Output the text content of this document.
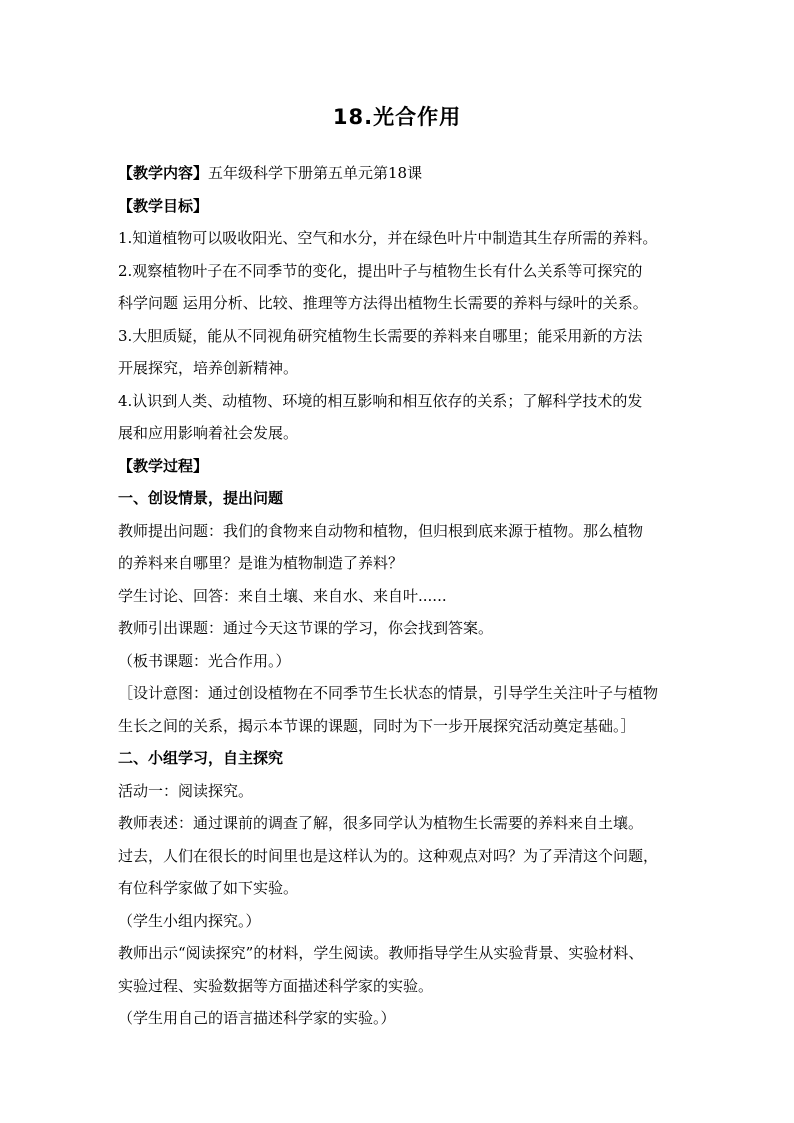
18.光合作用
【教学内容】五年级科学下册第五单元第18课
【教学目标】
1.知道植物可以吸收阳光、空气和水分，并在绿色叶片中制造其生存所需的养料。
2.观察植物叶子在不同季节的变化，提出叶子与植物生长有什么关系等可探究的
科学问题 运用分析、比较、推理等方法得出植物生长需要的养料与绿叶的关系。
3.大胆质疑，能从不同视角研究植物生长需要的养料来自哪里；能采用新的方法
开展探究，培养创新精神。
4.认识到人类、动植物、环境的相互影响和相互依存的关系；了解科学技术的发
展和应用影响着社会发展。
【教学过程】
一、创设情景，提出问题
教师提出问题：我们的食物来自动物和植物，但归根到底来源于植物。那么植物
的养料来自哪里？是谁为植物制造了养料？
学生讨论、回答：来自土壤、来自水、来自叶......
教师引出课题：通过今天这节课的学习，你会找到答案。
（板书课题：光合作用。）
［设计意图：通过创设植物在不同季节生长状态的情景，引导学生关注叶子与植物
生长之间的关系，揭示本节课的课题，同时为下一步开展探究活动奠定基础。］
二、小组学习，自主探究
活动一：阅读探究。
教师表述：通过课前的调查了解，很多同学认为植物生长需要的养料来自土壤。
过去，人们在很长的时间里也是这样认为的。这种观点对吗？为了弄清这个问题，
有位科学家做了如下实验。
（学生小组内探究。）
教师出示“阅读探究”的材料，学生阅读。教师指导学生从实验背景、实验材料、
实验过程、实验数据等方面描述科学家的实验。
（学生用自己的语言描述科学家的实验。）
